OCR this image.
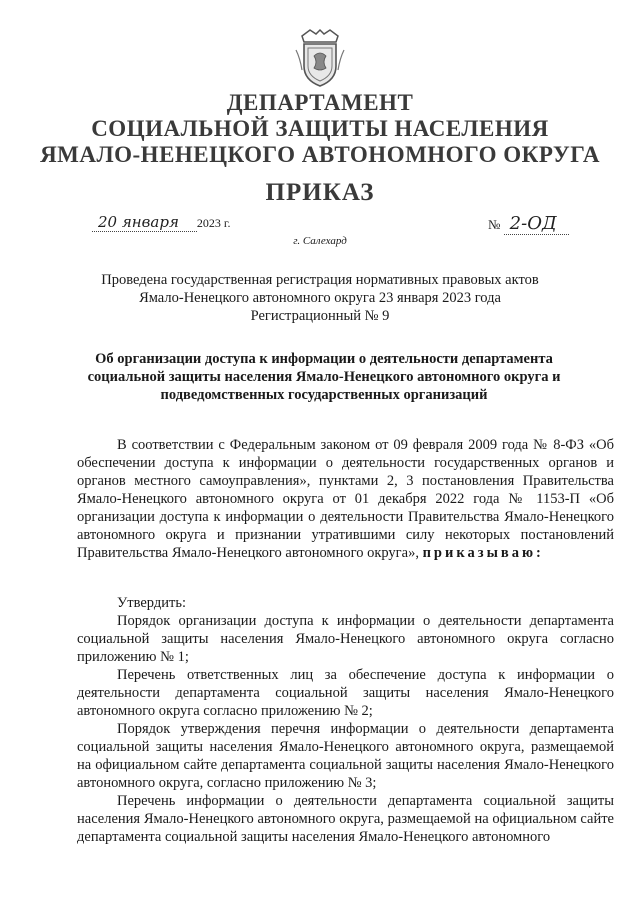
ДЕПАРТАМЕНТ
СОЦИАЛЬНОЙ ЗАЩИТЫ НАСЕЛЕНИЯ
ЯМАЛО-НЕНЕЦКОГО АВТОНОМНОГО ОКРУГА
ПРИКАЗ
20 января 2023 г.	№ 2-ОД
г. Салехард
Проведена государственная регистрация нормативных правовых актов
Ямало-Ненецкого автономного округа 23 января 2023 года
Регистрационный № 9
Об организации доступа к информации о деятельности департамента социальной защиты населения Ямало-Ненецкого автономного округа и подведомственных государственных организаций

В соответствии с Федеральным законом от 09 февраля 2009 года № 8-ФЗ «Об обеспечении доступа к информации о деятельности государственных органов и органов местного самоуправления», пунктами 2, 3 постановления Правительства Ямало-Ненецкого автономного округа от 01 декабря 2022 года № 1153-П «Об организации доступа к информации о деятельности Правительства Ямало-Ненецкого автономного округа и признании утратившими силу некоторых постановлений Правительства Ямало-Ненецкого автономного округа», приказываю:

Утвердить:

Порядок организации доступа к информации о деятельности департамента социальной защиты населения Ямало-Ненецкого автономного округа согласно приложению № 1;

Перечень ответственных лиц за обеспечение доступа к информации о деятельности департамента социальной защиты населения Ямало-Ненецкого автономного округа согласно приложению № 2;

Порядок утверждения перечня информации о деятельности департамента социальной защиты населения Ямало-Ненецкого автономного округа, размещаемой на официальном сайте департамента социальной защиты населения Ямало-Ненецкого автономного округа, согласно приложению № 3;

Перечень информации о деятельности департамента социальной защиты населения Ямало-Ненецкого автономного округа, размещаемой на официальном сайте департамента социальной защиты населения Ямало-Ненецкого автономного
